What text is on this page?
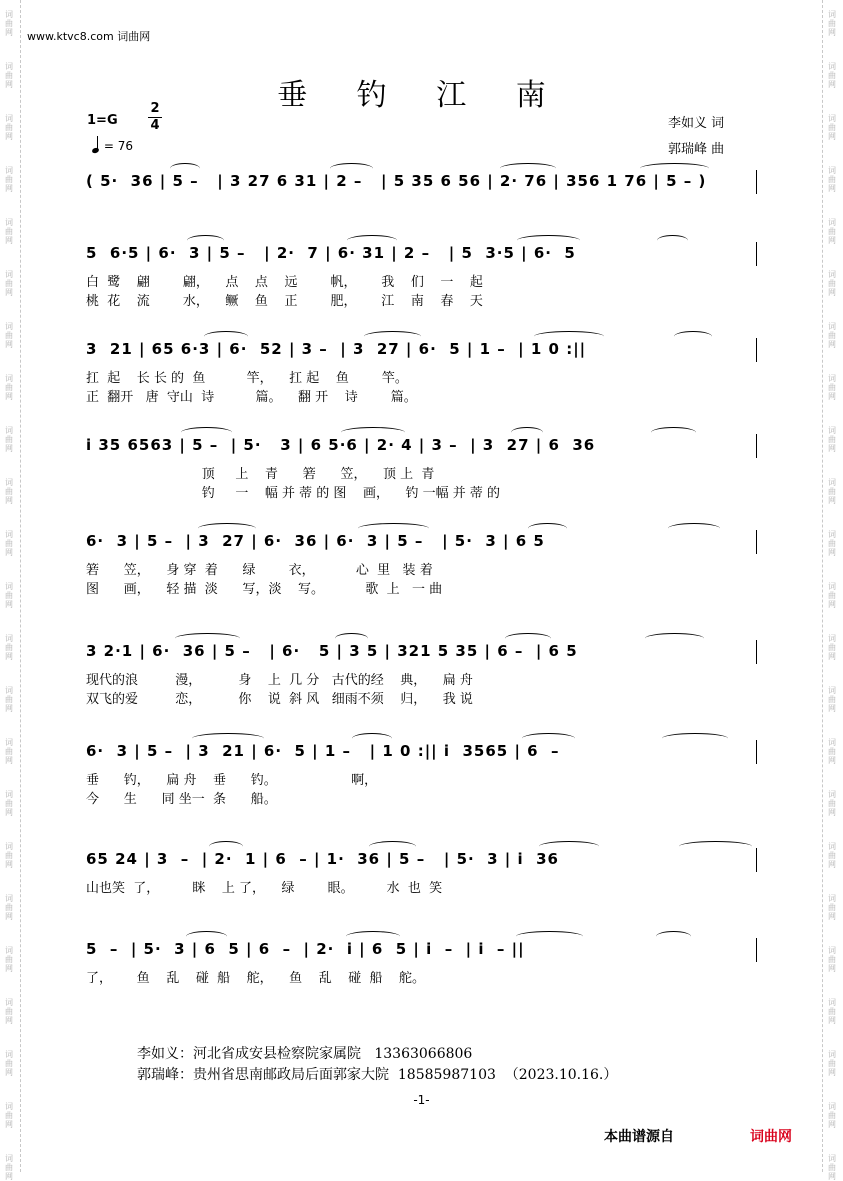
词
曲
网
词
曲
网
词
曲
网
词
曲
网
词
曲
网
词
曲
网
词
曲
网
词
曲
网
词
曲
网
词
曲
网
词
曲
网
词
曲
网
词
曲
网
词
曲
网
词
曲
网
词
曲
网
词
曲
网
词
曲
网
词
曲
网
词
曲
网
词
曲
网
词
曲
网
词
曲
网
词
曲
网
词
曲
网
词
曲
网
词
曲
网
词
曲
网
词
曲
网
词
曲
网
词
曲
网
词
曲
网
词
曲
网
词
曲
网
词
曲
网
词
曲
网
词
曲
网
词
曲
网
词
曲
网
词
曲
网
词
曲
网
词
曲
网
词
曲
网
词
曲
网
词
曲
网
词
曲
网
www.ktvc8.com 词曲网
垂 钓 江 南
1=G
2
4
= 76
李如义 词
郭瑞峰 曲
( 5·  36 | 5 –   | 3 27 6 31 | 2 –   | 5 35 6 56 | 2· 76 | 356 1 76 | 5 – )
5  6·5 | 6·  3 | 5 –   | 2·  7 | 6· 31 | 2 –   | 5  3·5 | 6·  5
白  鹭    翩        翩，    点    点    远        帆，      我    们    一    起
桃  花    流        水，    鳜    鱼    正        肥，      江    南    春    天
3  21 | 65 6·3 | 6·  52 | 3 –  | 3  27 | 6·  5 | 1 –  | 1 0 :||
扛  起    长 长 的  鱼          竿，    扛 起    鱼        竿。
正  翻开   唐  守山  诗          篇。    翻 开    诗        篇。
i 35 6563 | 5 –  | 5·   3 | 6 5·6 | 2· 4 | 3 –  | 3  27 | 6  36
顶     上    青      箬      笠，    顶 上  青
钓     一    幅 并 蒂 的 图    画，    钓 一幅 并 蒂 的
6·  3 | 5 –  | 3  27 | 6·  36 | 6·  3 | 5 –   | 5·  3 | 6 5
箬      笠，    身 穿  着      绿        衣，          心  里   装 着
图      画，    轻 描  淡      写，淡    写。          歌  上   一 曲
3 2·1 | 6·  36 | 5 –   | 6·   5 | 3 5 | 321 5 35 | 6 –  | 6 5
现代的浪         漫，         身    上  几 分   古代的经    典，    扁 舟
双飞的爱         恋，         你    说  斜 风   细雨不须    归，    我 说
6·  3 | 5 –  | 3  21 | 6·  5 | 1 –   | 1 0 :|| i  3565 | 6  –
垂      钓，    扁 舟    垂      钓。                  啊，
今      生      同 坐一  条      船。
65 24 | 3  –  | 2·  1 | 6  – | 1·  36 | 5 –   | 5·  3 | i  36
山也笑  了，        眯    上 了，    绿        眼。        水  也  笑
5  –  | 5·  3 | 6  5 | 6  –  | 2·  i | 6  5 | i  –  | i  – ||
了，      鱼    乱    碰  船    舵，    鱼    乱    碰  船    舵。
李如义：河北省成安县检察院家属院   13363066806
郭瑞峰：贵州省思南邮政局后面郭家大院  18585987103  （2023.10.16.）
-1-
本曲谱源自	词曲网
